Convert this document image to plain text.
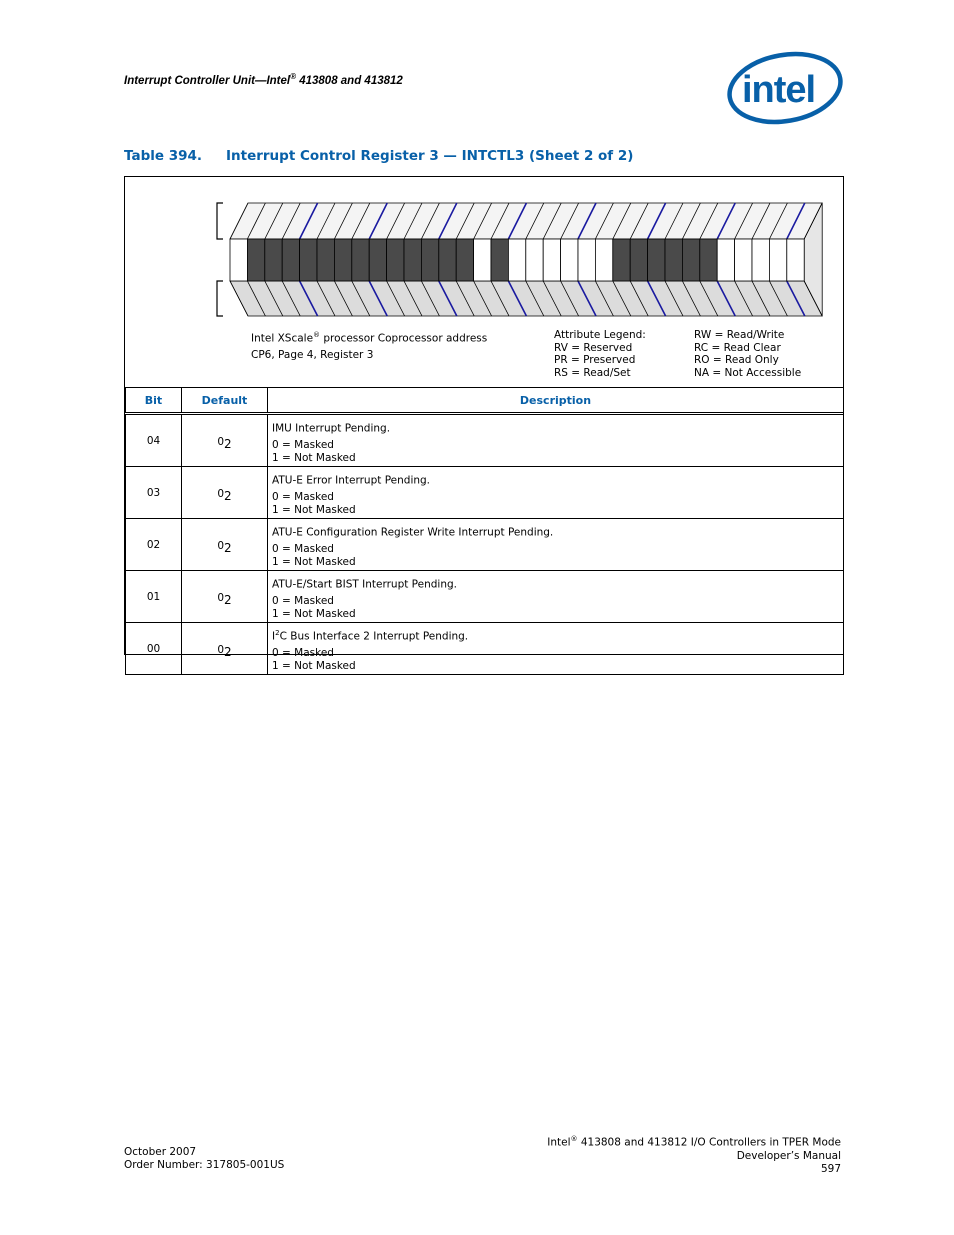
Interrupt Controller Unit—Intel® 413808 and 413812	intel
Table 394. Interrupt Control Register 3 — INTCTL3 (Sheet 2 of 2)
Intel XScale® processor Coprocessor address
CP6, Page 4, Register 3
Attribute Legend:
RV = Reserved
PR = Preserved
RS = Read/Set
RW = Read/Write
RC = Read Clear
RO = Read Only
NA = Not Accessible
Bit	Default	Description
04	02	IMU Interrupt Pending.
0 = Masked
1 = Not Masked

03	02	ATU-E Error Interrupt Pending.
0 = Masked
1 = Not Masked

02	02	ATU-E Configuration Register Write Interrupt Pending.
0 = Masked
1 = Not Masked

01	02	ATU-E/Start BIST Interrupt Pending.
0 = Masked
1 = Not Masked

00	02	$I^2C$ Bus Interface 2 Interrupt Pending.
0 = Masked
1 = Not Masked
October 2007
Order Number: 317805-001US
Intel® 413808 and 413812 I/O Controllers in TPER Mode
Developer’s Manual
597
